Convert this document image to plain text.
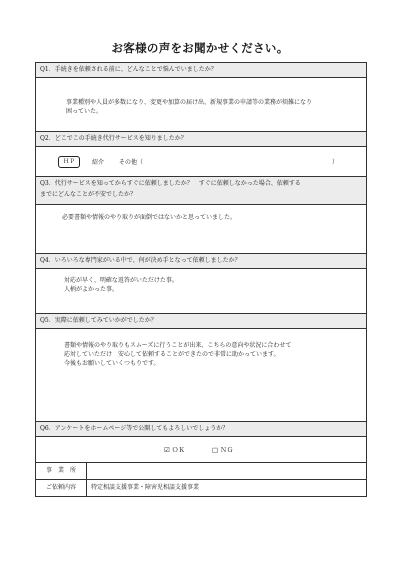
お客様の声をお聞かせください。
Q1．手続きを依頼される前に、どんなことで悩んでいましたか？
事業種別や人員が多数になり、変更や加算の届け出、新規事業の申請等の業務が煩雑になり
困っていた。
Q2．どこでこの手続き代行サービスを知りましたか？
ＨＰ	紹介 その他（	）
Q3．代行サービスを知ってからすぐに依頼しましたか？　すぐに依頼しなかった場合、依頼する
までにどんなことが不安でしたか？
必要書類や情報のやり取りが面倒ではないかと思っていました。
Q4．いろいろな専門家がいる中で、何が決め手となって依頼しましたか？
対応が早く、明確な返答がいただけた事。
人柄がよかった事。
Q5．実際に依頼してみていかがでしたか？
書類や情報のやり取りもスムーズに行うことが出来、こちらの意向や状況に合わせて
応対していただけ　安心して依頼することができたので非常に助かっています。
今後もお願いしていくつもりです。
Q6．アンケートをホームページ等で公開してもよろしいでしょうか？
☑ ＯＫ	□ ＮＧ
事　業　所
ご依頼内容	特定相談支援事業・障害児相談支援事業
